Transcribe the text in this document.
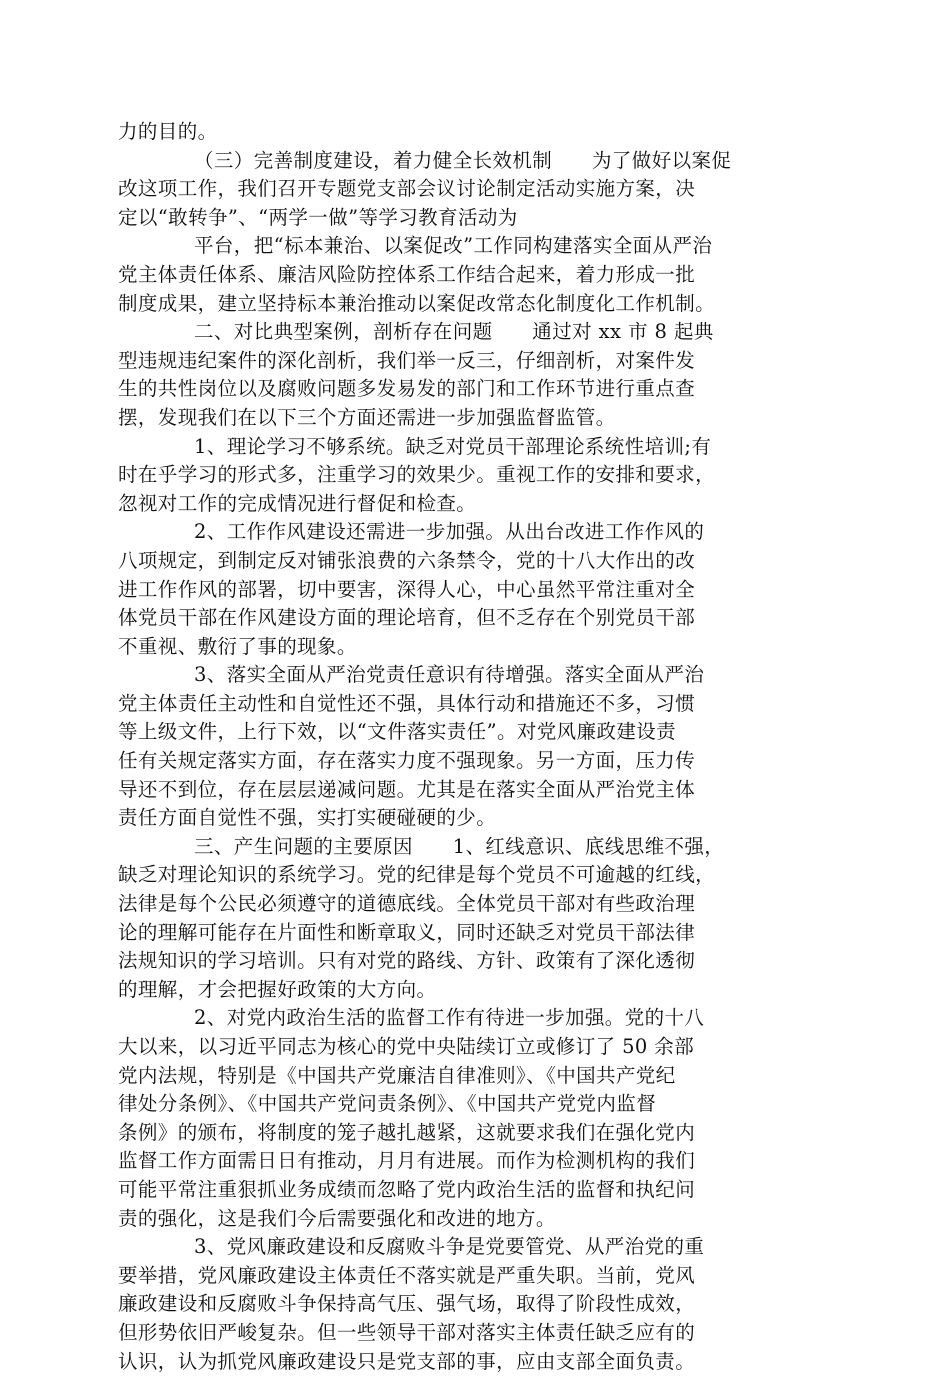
力的目的。
（三）完善制度建设，着力健全长效机制　　为了做好以案促
改这项工作，我们召开专题党支部会议讨论制定活动实施方案，决
定以“敢转争”、“两学一做”等学习教育活动为
平台，把“标本兼治、以案促改”工作同构建落实全面从严治
党主体责任体系、廉洁风险防控体系工作结合起来，着力形成一批
制度成果，建立坚持标本兼治推动以案促改常态化制度化工作机制。
二、对比典型案例，剖析存在问题　　通过对 xx 市 8 起典
型违规违纪案件的深化剖析，我们举一反三，仔细剖析，对案件发
生的共性岗位以及腐败问题多发易发的部门和工作环节进行重点查
摆，发现我们在以下三个方面还需进一步加强监督监管。
1、理论学习不够系统。缺乏对党员干部理论系统性培训;有
时在乎学习的形式多，注重学习的效果少。重视工作的安排和要求，
忽视对工作的完成情况进行督促和检查。
2、工作作风建设还需进一步加强。从出台改进工作作风的
八项规定，到制定反对铺张浪费的六条禁令，党的十八大作出的改
进工作作风的部署，切中要害，深得人心，中心虽然平常注重对全
体党员干部在作风建设方面的理论培育，但不乏存在个别党员干部
不重视、敷衍了事的现象。
3、落实全面从严治党责任意识有待增强。落实全面从严治
党主体责任主动性和自觉性还不强，具体行动和措施还不多，习惯
等上级文件，上行下效，以“文件落实责任”。对党风廉政建设责
任有关规定落实方面，存在落实力度不强现象。另一方面，压力传
导还不到位，存在层层递减问题。尤其是在落实全面从严治党主体
责任方面自觉性不强，实打实硬碰硬的少。
三、产生问题的主要原因　　1、红线意识、底线思维不强，
缺乏对理论知识的系统学习。党的纪律是每个党员不可逾越的红线，
法律是每个公民必须遵守的道德底线。全体党员干部对有些政治理
论的理解可能存在片面性和断章取义，同时还缺乏对党员干部法律
法规知识的学习培训。只有对党的路线、方针、政策有了深化透彻
的理解，才会把握好政策的大方向。
2、对党内政治生活的监督工作有待进一步加强。党的十八
大以来，以习近平同志为核心的党中央陆续订立或修订了 50 余部
党内法规，特别是《中国共产党廉洁自律准则》、《中国共产党纪
律处分条例》、《中国共产党问责条例》、《中国共产党党内监督
条例》的颁布，将制度的笼子越扎越紧，这就要求我们在强化党内
监督工作方面需日日有推动，月月有进展。而作为检测机构的我们
可能平常注重狠抓业务成绩而忽略了党内政治生活的监督和执纪问
责的强化，这是我们今后需要强化和改进的地方。
3、党风廉政建设和反腐败斗争是党要管党、从严治党的重
要举措，党风廉政建设主体责任不落实就是严重失职。当前，党风
廉政建设和反腐败斗争保持高气压、强气场，取得了阶段性成效，
但形势依旧严峻复杂。但一些领导干部对落实主体责任缺乏应有的
认识，认为抓党风廉政建设只是党支部的事，应由支部全面负责。
